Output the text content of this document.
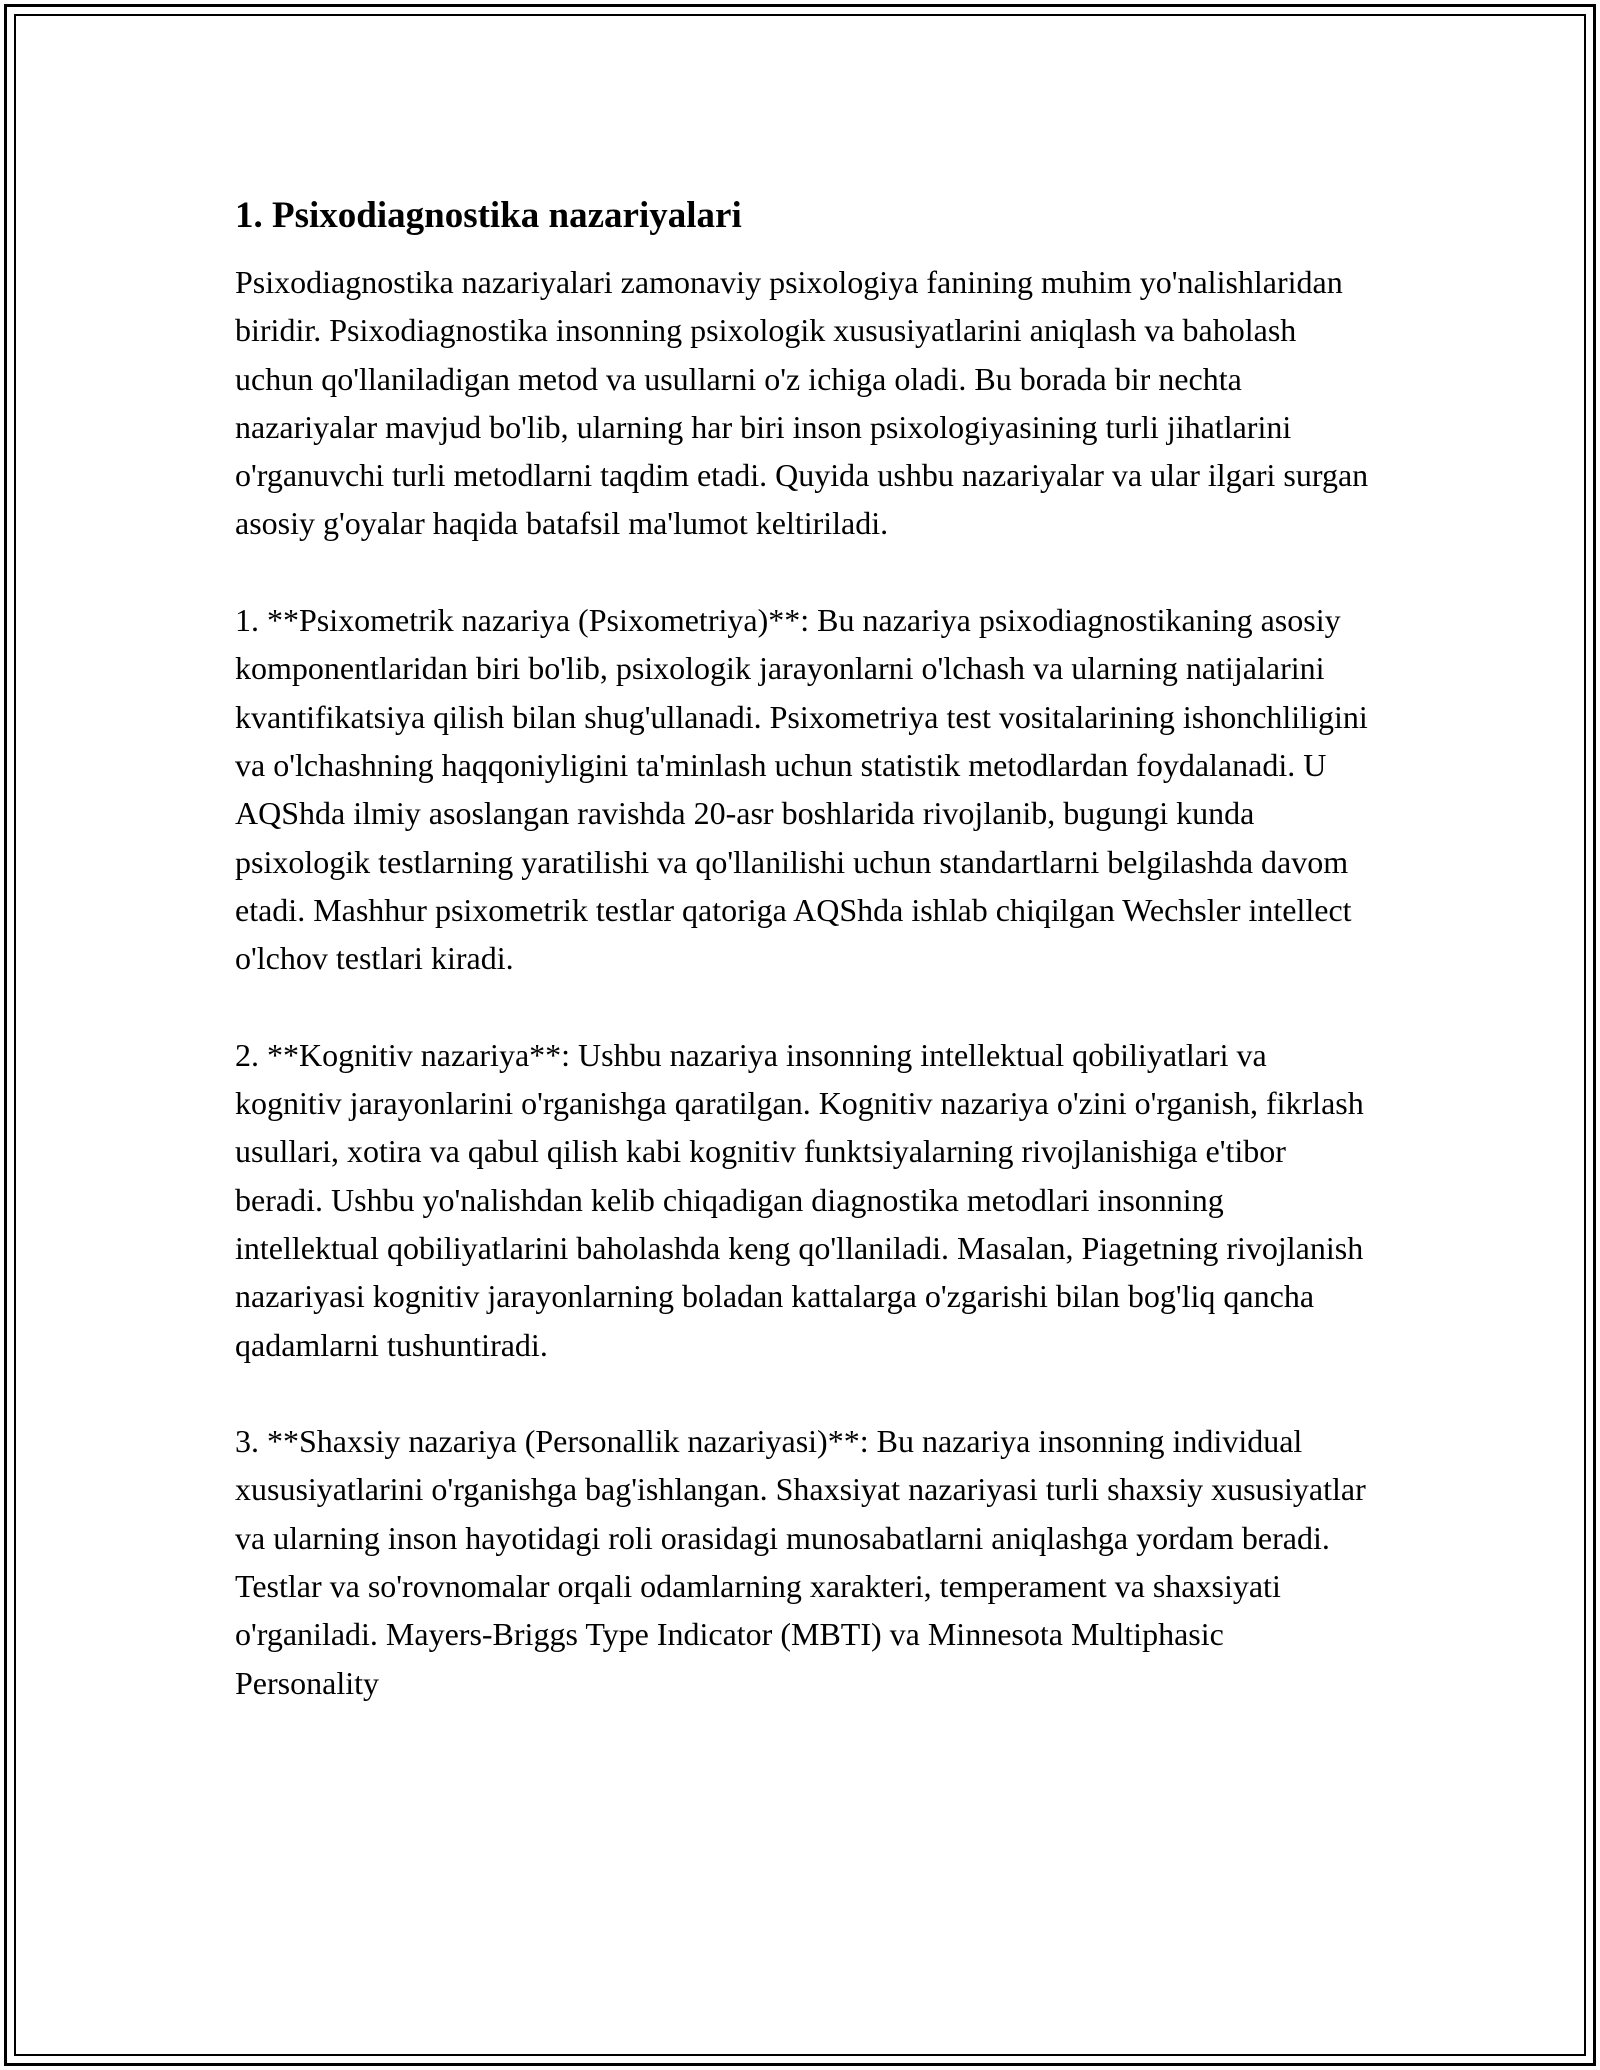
1. Psixodiagnostika nazariyalari

Psixodiagnostika nazariyalari zamonaviy psixologiya fanining muhim yo'nalishlaridan biridir. Psixodiagnostika insonning psixologik xususiyatlarini aniqlash va baholash uchun qo'llaniladigan metod va usullarni o'z ichiga oladi. Bu borada bir nechta nazariyalar mavjud bo'lib, ularning har biri inson psixologiyasining turli jihatlarini o'rganuvchi turli metodlarni taqdim etadi. Quyida ushbu nazariyalar va ular ilgari surgan asosiy g'oyalar haqida batafsil ma'lumot keltiriladi.

1. **Psixometrik nazariya (Psixometriya)**: Bu nazariya psixodiagnostikaning asosiy komponentlaridan biri bo'lib, psixologik jarayonlarni o'lchash va ularning natijalarini kvantifikatsiya qilish bilan shug'ullanadi. Psixometriya test vositalarining ishonchliligini va o'lchashning haqqoniyligini ta'minlash uchun statistik metodlardan foydalanadi. U AQShda ilmiy asoslangan ravishda 20-asr boshlarida rivojlanib, bugungi kunda psixologik testlarning yaratilishi va qo'llanilishi uchun standartlarni belgilashda davom etadi. Mashhur psixometrik testlar qatoriga AQShda ishlab chiqilgan Wechsler intellect o'lchov testlari kiradi.

2. **Kognitiv nazariya**: Ushbu nazariya insonning intellektual qobiliyatlari va kognitiv jarayonlarini o'rganishga qaratilgan. Kognitiv nazariya o'zini o'rganish, fikrlash usullari, xotira va qabul qilish kabi kognitiv funktsiyalarning rivojlanishiga e'tibor beradi. Ushbu yo'nalishdan kelib chiqadigan diagnostika metodlari insonning intellektual qobiliyatlarini baholashda keng qo'llaniladi. Masalan, Piagetning rivojlanish nazariyasi kognitiv jarayonlarning boladan kattalarga o'zgarishi bilan bog'liq qancha qadamlarni tushuntiradi.

3. **Shaxsiy nazariya (Personallik nazariyasi)**: Bu nazariya insonning individual xususiyatlarini o'rganishga bag'ishlangan. Shaxsiyat nazariyasi turli shaxsiy xususiyatlar va ularning inson hayotidagi roli orasidagi munosabatlarni aniqlashga yordam beradi. Testlar va so'rovnomalar orqali odamlarning xarakteri, temperament va shaxsiyati o'rganiladi. Mayers-Briggs Type Indicator (MBTI) va Minnesota Multiphasic Personality
